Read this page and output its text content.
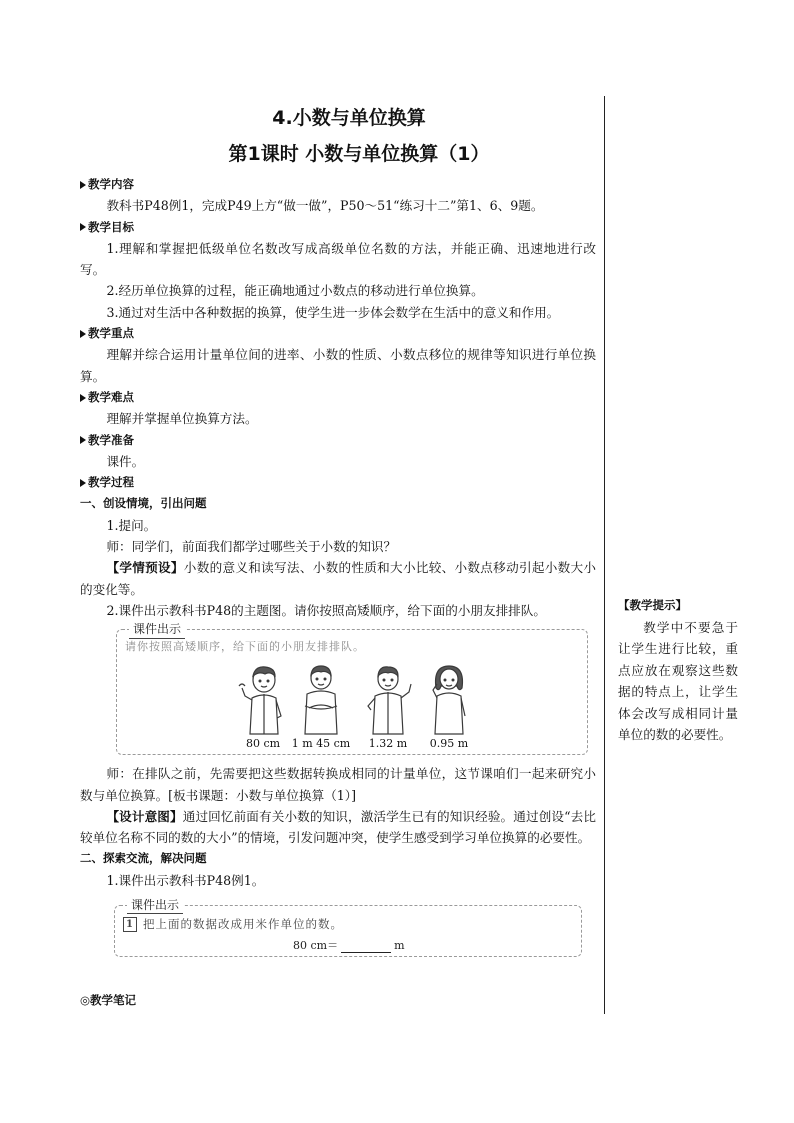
4.小数与单位换算

第1课时 小数与单位换算（1）

教学内容

教科书P48例1，完成P49上方“做一做”，P50～51“练习十二”第1、6、9题。

教学目标

1.理解和掌握把低级单位名数改写成高级单位名数的方法，并能正确、迅速地进行改写。

2.经历单位换算的过程，能正确地通过小数点的移动进行单位换算。

3.通过对生活中各种数据的换算，使学生进一步体会数学在生活中的意义和作用。

教学重点

理解并综合运用计量单位间的进率、小数的性质、小数点移位的规律等知识进行单位换算。

教学难点

理解并掌握单位换算方法。

教学准备

课件。

教学过程

一、创设情境，引出问题

1.提问。

师：同学们，前面我们都学过哪些关于小数的知识？

【学情预设】小数的意义和读写法、小数的性质和大小比较、小数点移动引起小数大小的变化等。

2.课件出示教科书P48的主题图。请你按照高矮顺序，给下面的小朋友排排队。

课件出示
请你按照高矮顺序，给下面的小朋友排排队。
80 cm	1 m 45 cm	1.32 m	0.95 m

师：在排队之前，先需要把这些数据转换成相同的计量单位，这节课咱们一起来研究小数与单位换算。[板书课题：小数与单位换算（1）]

【设计意图】通过回忆前面有关小数的知识，激活学生已有的知识经验。通过创设“去比较单位名称不同的数的大小”的情境，引发问题冲突，使学生感受到学习单位换算的必要性。

二、探索交流，解决问题

1.课件出示教科书P48例1。

课件出示
1 把上面的数据改成用米作单位的数。
80 cm＝	m
◎教学笔记

【教学提示】

教学中不要急于让学生进行比较，重点应放在观察这些数据的特点上，让学生体会改写成相同计量单位的数的必要性。
